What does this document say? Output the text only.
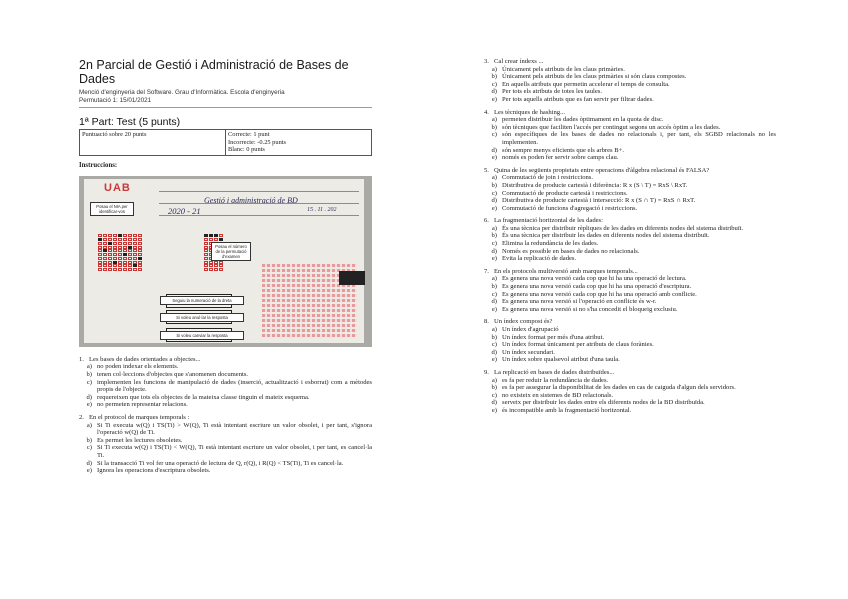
2n Parcial de Gestió i Administració de Bases de Dades
Menció d'enginyeria del Software. Grau d'Informàtica. Escola d'enginyeria
Permutació 1: 15/01/2021
1ª Part: Test (5 punts)
Puntuació sobre 20 punts	Correcte: 1 punt
Incorrecte: -0.25 punts
Blanc: 0 punts
Instruccions:
UAB
Gestió i administració de BD
2020 - 21	15 . 11 . 202
Posau el NIA per identificar-vos
Posau el número de la permutació d'examen
Seguiu la numeració de la dreta
Si voleu anul·lar la resposta
Si voleu canviar la resposta
1. Les bases de dades orientades a objectes...
a) no poden indexar els elements.
b) tenen col·leccions d'objectes que s'anomenen documents.
c) implementen les funcions de manipulació de dades (inserció, actualització i esborrat) com a mètodes propis de l'objecte.
d) requereixen que tots els objectes de la mateixa classe tinguin el mateix esquema.
e) no permeten representar relacions.
2. En el protocol de marques temporals :
a) Si Ti executa w(Q) i TS(Ti) > W(Q), Ti està intentant escriure un valor obsolet, i per tant, s'ignora l'operació w(Q) de Ti.
b) Es permet les lectures obsoletes.
c) Si Ti executa w(Q) i TS(Ti) < W(Q), Ti està intentant escriure un valor obsolet, i per tant, es cancel·la Ti.
d) Si la transacció Ti vol fer una operació de lectura de Q, r(Q), i R(Q) < TS(Ti), Ti es cancel·la.
e) Ignora les operacions d'escriptura obsolets.
3. Cal crear índexs ...
a) Únicament pels atributs de les claus primàries.
b) Únicament pels atributs de les claus primàries si són claus compostes.
c) En aquells atributs que permetin accelerar el temps de consulta.
d) Per tots els atributs de totes les taules.
e) Per tots aquells atributs que es fan servir per filtrar dades.
4. Les tècniques de hashing...
a) permeten distribuir les dades òptimament en la quota de disc.
b) són tècniques que faciliten l'accés per contingut segons un accés òptim a les dades.
c) són específiques de les bases de dades no relacionals i, per tant, els SGBD relacionals no les implementen.
d) són sempre menys eficients que els arbres B+.
e) només es poden fer servir sobre camps clau.
5. Quina de les següents propietats entre operacions d'àlgebra relacional és FALSA?
a) Commutació de join i restriccions.
b) Distributiva de producte cartesià i diferència: R x (S \ T) = RxS \ RxT.
c) Commutació de producte cartesià i restriccions.
d) Distributiva de producte cartesià i intersecció: R x (S ∩ T) = RxS ∩ RxT.
e) Commutació de funcions d'agregació i restriccions.
6. La fragmentació horitzontal de les dades:
a) És una tècnica per distribuir rèpliques de les dades en diferents nodes del sistema distribuït.
b) És una tècnica per distribuir les dades en diferents nodes del sistema distribuït.
c) Elimina la redundància de les dades.
d) Només es possible en bases de dades no relacionals.
e) Evita la replicació de dades.
7. En els protocols multiversió amb marques temporals...
a) Es genera una nova versió cada cop que hi ha una operació de lectura.
b) Es genera una nova versió cada cop que hi ha una operació d'escriptura.
c) Es genera una nova versió cada cop que hi ha una operació amb conflicte.
d) Es genera una nova versió si l'operació en conflicte és w-r.
e) Es genera una nova versió si no s'ha concedit el bloqueig exclusiu.
8. Un índex compost és?
a) Un índex d'agrupació
b) Un índex format per més d'una atribut.
c) Un índex format únicament per atributs de claus forànies.
d) Un índex secundari.
e) Un índex sobre qualsevol atribut d'una taula.
9. La replicació en bases de dades distribuïdes...
a) es fa per reduir la redundància de dades.
b) es fa per assegurar la disponibilitat de les dades en cas de caiguda d'algun dels servidors.
c) no existeix en sistemes de BD relacionals.
d) serveix per distribuir les dades entre els diferents nodes de la BD distribuïda.
e) és incompatible amb la fragmentació horitzontal.
